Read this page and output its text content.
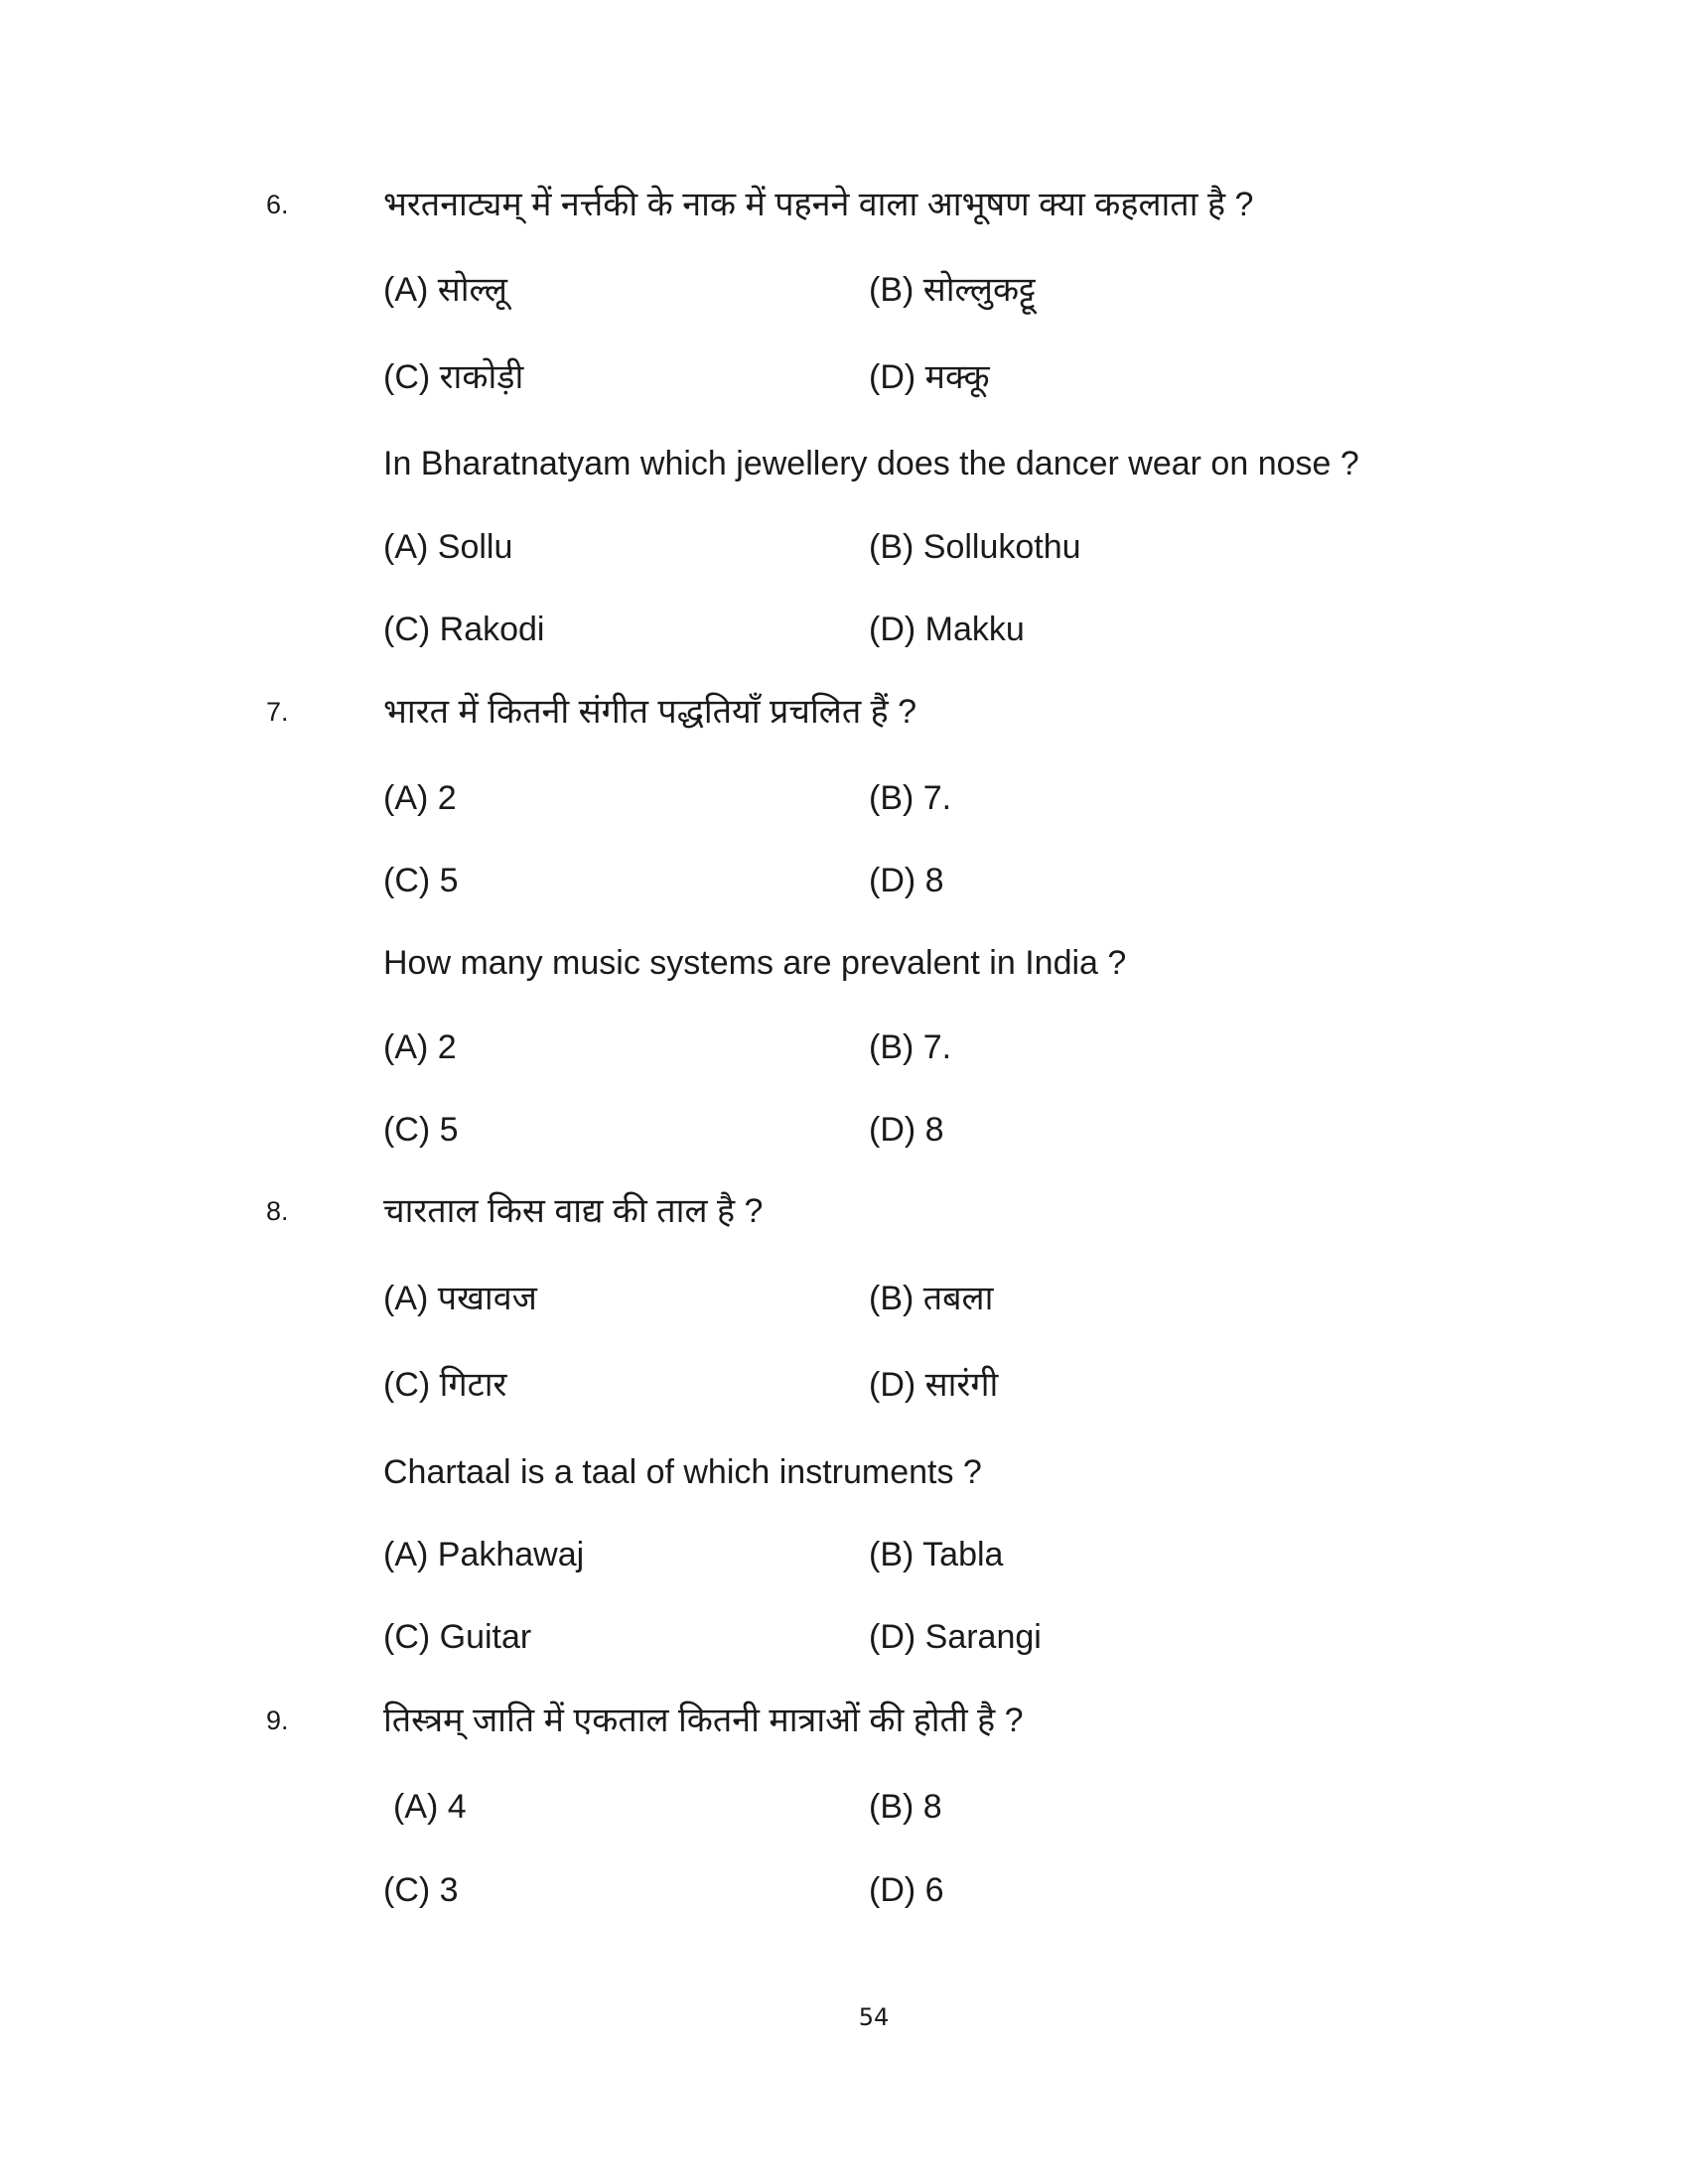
6.	भरतनाट्यम् में नर्त्तकी के नाक में पहनने वाला आभूषण क्या कहलाता है ?
(A) सोल्लू	(B) सोल्लुकट्टू
(C) राकोड़ी	(D) मक्कू
In Bharatnatyam which jewellery does the dancer wear on nose ?
(A) Sollu	(B) Sollukothu
(C) Rakodi	(D) Makku
7.	भारत में कितनी संगीत पद्धतियाँ प्रचलित हैं ?
(A) 2	(B) 7.
(C) 5	(D) 8
How many music systems are prevalent in India ?
(A) 2	(B) 7.
(C) 5	(D) 8
8.	चारताल किस वाद्य की ताल है ?
(A) पखावज	(B) तबला
(C) गिटार	(D) सारंगी
Chartaal is a taal of which instruments ?
(A) Pakhawaj	(B) Tabla
(C) Guitar	(D) Sarangi
9.	तिस्त्रम् जाति में एकताल कितनी मात्राओं की होती है ?
(A) 4	(B) 8
(C) 3	(D) 6
54
